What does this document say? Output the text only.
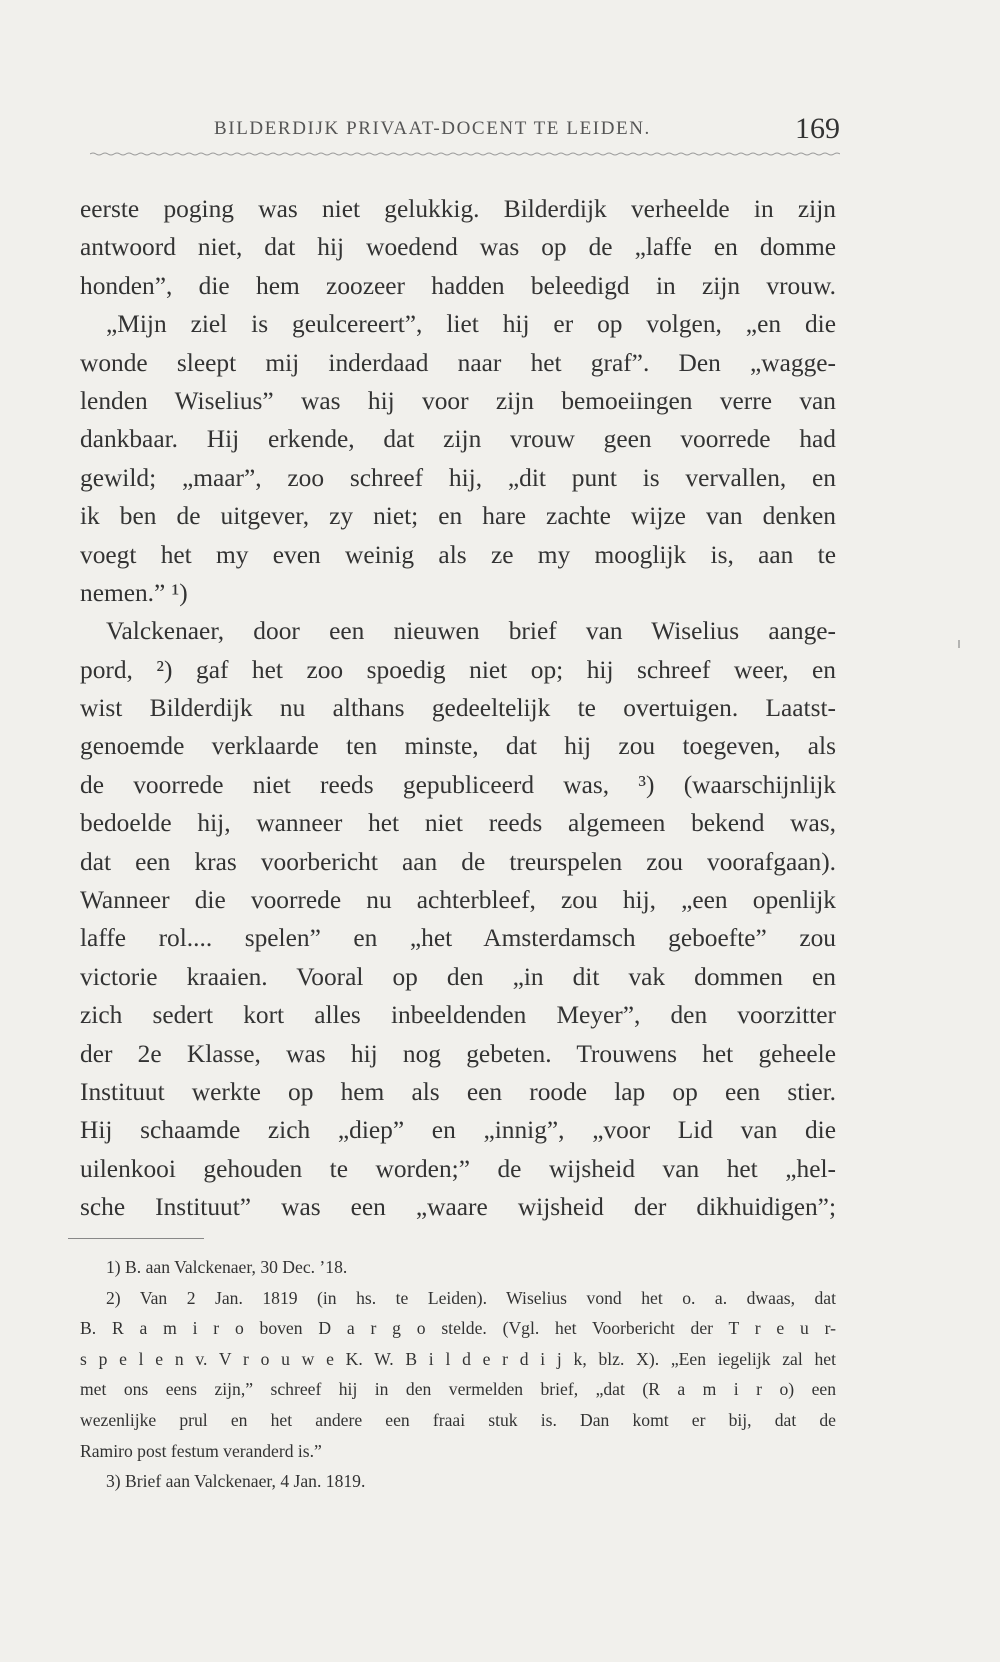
BILDERDIJK PRIVAAT-DOCENT TE LEIDEN.	169
eerste poging was niet gelukkig. Bilderdijk verheelde in zijn
antwoord niet, dat hij woedend was op de „laffe en domme
honden”, die hem zoozeer hadden beleedigd in zijn vrouw.
„Mijn ziel is geulcereert”, liet hij er op volgen, „en die
wonde sleept mij inderdaad naar het graf”. Den „wagge-
lenden Wiselius” was hij voor zijn bemoeiingen verre van
dankbaar. Hij erkende, dat zijn vrouw geen voorrede had
gewild; „maar”, zoo schreef hij, „dit punt is vervallen, en
ik ben de uitgever, zy niet; en hare zachte wijze van denken
voegt het my even weinig als ze my mooglijk is, aan te
nemen.” ¹)
Valckenaer, door een nieuwen brief van Wiselius aange-
pord, ²) gaf het zoo spoedig niet op; hij schreef weer, en
wist Bilderdijk nu althans gedeeltelijk te overtuigen. Laatst-
genoemde verklaarde ten minste, dat hij zou toegeven, als
de voorrede niet reeds gepubliceerd was, ³) (waarschijnlijk
bedoelde hij, wanneer het niet reeds algemeen bekend was,
dat een kras voorbericht aan de treurspelen zou voorafgaan).
Wanneer die voorrede nu achterbleef, zou hij, „een openlijk
laffe rol.... spelen” en „het Amsterdamsch geboefte” zou
victorie kraaien. Vooral op den „in dit vak dommen en
zich sedert kort alles inbeeldenden Meyer”, den voorzitter
der 2e Klasse, was hij nog gebeten. Trouwens het geheele
Instituut werkte op hem als een roode lap op een stier.
Hij schaamde zich „diep” en „innig”, „voor Lid van die
uilenkooi gehouden te worden;” de wijsheid van het „hel-
sche Instituut” was een „waare wijsheid der dikhuidigen”;
1) B. aan Valckenaer, 30 Dec. ’18.
2) Van 2 Jan. 1819 (in hs. te Leiden). Wiselius vond het o. a. dwaas, dat
B. R a m i r o boven D a r g o stelde. (Vgl. het Voorbericht der T r e u r-
s p e l e n v. V r o u w e K. W. B i l d e r d i j k, blz. X). „Een iegelijk zal het
met ons eens zijn,” schreef hij in den vermelden brief, „dat (R a m i r o) een
wezenlijke prul en het andere een fraai stuk is. Dan komt er bij, dat de
Ramiro post festum veranderd is.”
3) Brief aan Valckenaer, 4 Jan. 1819.
